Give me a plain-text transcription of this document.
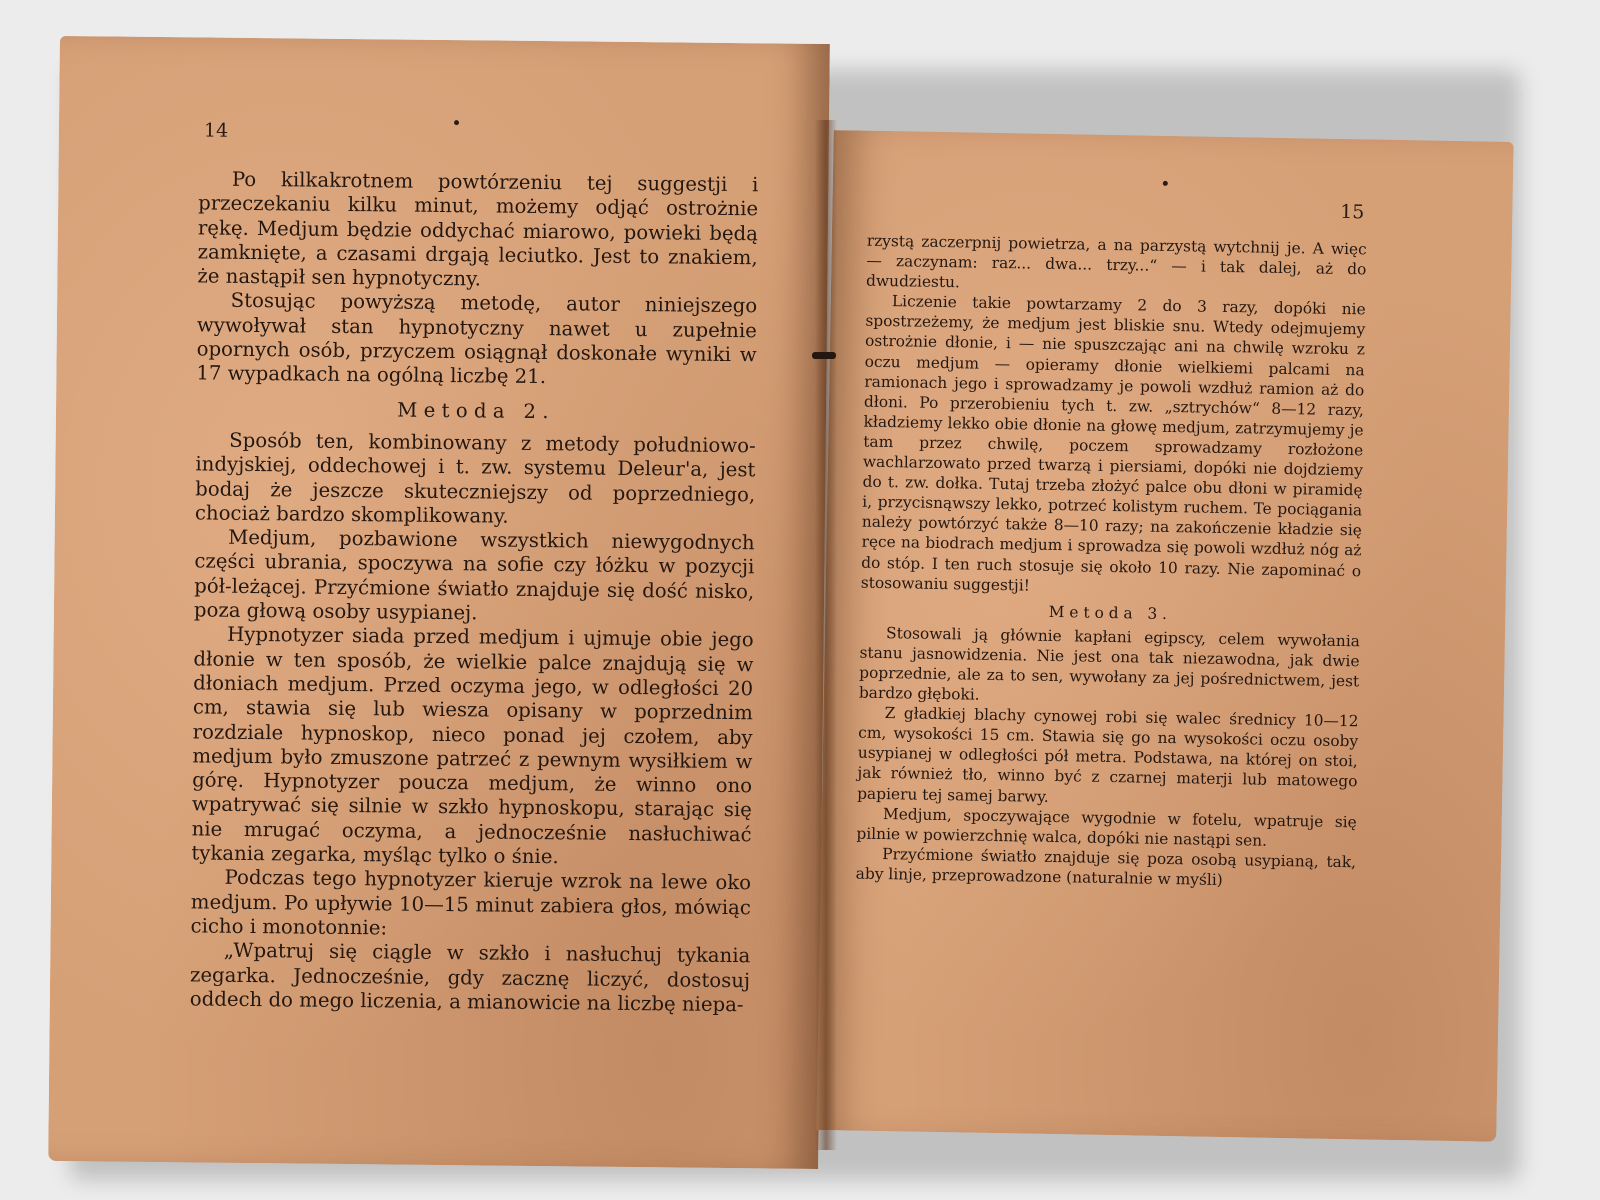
14

Po kilkakrotnem powtórzeniu tej suggestji i przeczekaniu kilku minut, możemy odjąć ostrożnie rękę. Medjum będzie oddychać miarowo, powieki będą zamknięte, a czasami drgają leciutko. Jest to znakiem, że nastąpił sen hypnotyczny.

Stosując powyższą metodę, autor niniejszego wywoływał stan hypnotyczny nawet u zupełnie opornych osób, przyczem osiągnął doskonałe wyniki w 17 wypadkach na ogólną liczbę 21.

Metoda 2.

Sposób ten, kombinowany z metody południowo-indyjskiej, oddechowej i t. zw. systemu Deleur'a, jest bodaj że jeszcze skuteczniejszy od poprzedniego, chociaż bardzo skomplikowany.

Medjum, pozbawione wszystkich niewygodnych części ubrania, spoczywa na sofie czy łóżku w pozycji pół-leżącej. Przyćmione światło znajduje się dość nisko, poza głową osoby usypianej.

Hypnotyzer siada przed medjum i ujmuje obie jego dłonie w ten sposób, że wielkie palce znajdują się w dłoniach medjum. Przed oczyma jego, w odległości 20 cm, stawia się lub wiesza opisany w poprzednim rozdziale hypnoskop, nieco ponad jej czołem, aby medjum było zmuszone patrzeć z pewnym wysiłkiem w górę. Hypnotyzer poucza medjum, że winno ono wpatrywać się silnie w szkło hypnoskopu, starając się nie mrugać oczyma, a jednocześnie nasłuchiwać tykania zegarka, myśląc tylko o śnie.

Podczas tego hypnotyzer kieruje wzrok na lewe oko medjum. Po upływie 10—15 minut zabiera głos, mówiąc cicho i monotonnie:

„Wpatruj się ciągle w szkło i nasłuchuj tykania zegarka. Jednocześnie, gdy zacznę liczyć, dostosuj oddech do mego liczenia, a mianowicie na liczbę niepa-

15

rzystą zaczerpnij powietrza, a na parzystą wytchnij je. A więc — zaczynam: raz... dwa... trzy...“ — i tak dalej, aż do dwudziestu.

Liczenie takie powtarzamy 2 do 3 razy, dopóki nie spostrzeżemy, że medjum jest bliskie snu. Wtedy odejmujemy ostrożnie dłonie, i — nie spuszczając ani na chwilę wzroku z oczu medjum — opieramy dłonie wielkiemi palcami na ramionach jego i sprowadzamy je powoli wzdłuż ramion aż do dłoni. Po przerobieniu tych t. zw. „sztrychów“ 8—12 razy, kładziemy lekko obie dłonie na głowę medjum, zatrzymujemy je tam przez chwilę, poczem sprowadzamy rozłożone wachlarzowato przed twarzą i piersiami, dopóki nie dojdziemy do t. zw. dołka. Tutaj trzeba złożyć palce obu dłoni w piramidę i, przycisnąwszy lekko, potrzeć kolistym ruchem. Te pociągania należy powtórzyć także 8—10 razy; na zakończenie kładzie się ręce na biodrach medjum i sprowadza się powoli wzdłuż nóg aż do stóp. I ten ruch stosuje się około 10 razy. Nie zapominać o stosowaniu suggestji!

Metoda 3.

Stosowali ją głównie kapłani egipscy, celem wywołania stanu jasnowidzenia. Nie jest ona tak niezawodna, jak dwie poprzednie, ale za to sen, wywołany za jej pośrednictwem, jest bardzo głęboki.

Z gładkiej blachy cynowej robi się walec średnicy 10—12 cm, wysokości 15 cm. Stawia się go na wysokości oczu osoby usypianej w odległości pół metra. Podstawa, na której on stoi, jak również tło, winno być z czarnej materji lub matowego papieru tej samej barwy.

Medjum, spoczywające wygodnie w fotelu, wpatruje się pilnie w powierzchnię walca, dopóki nie nastąpi sen.

Przyćmione światło znajduje się poza osobą usypianą, tak, aby linje, przeprowadzone (naturalnie w myśli)
